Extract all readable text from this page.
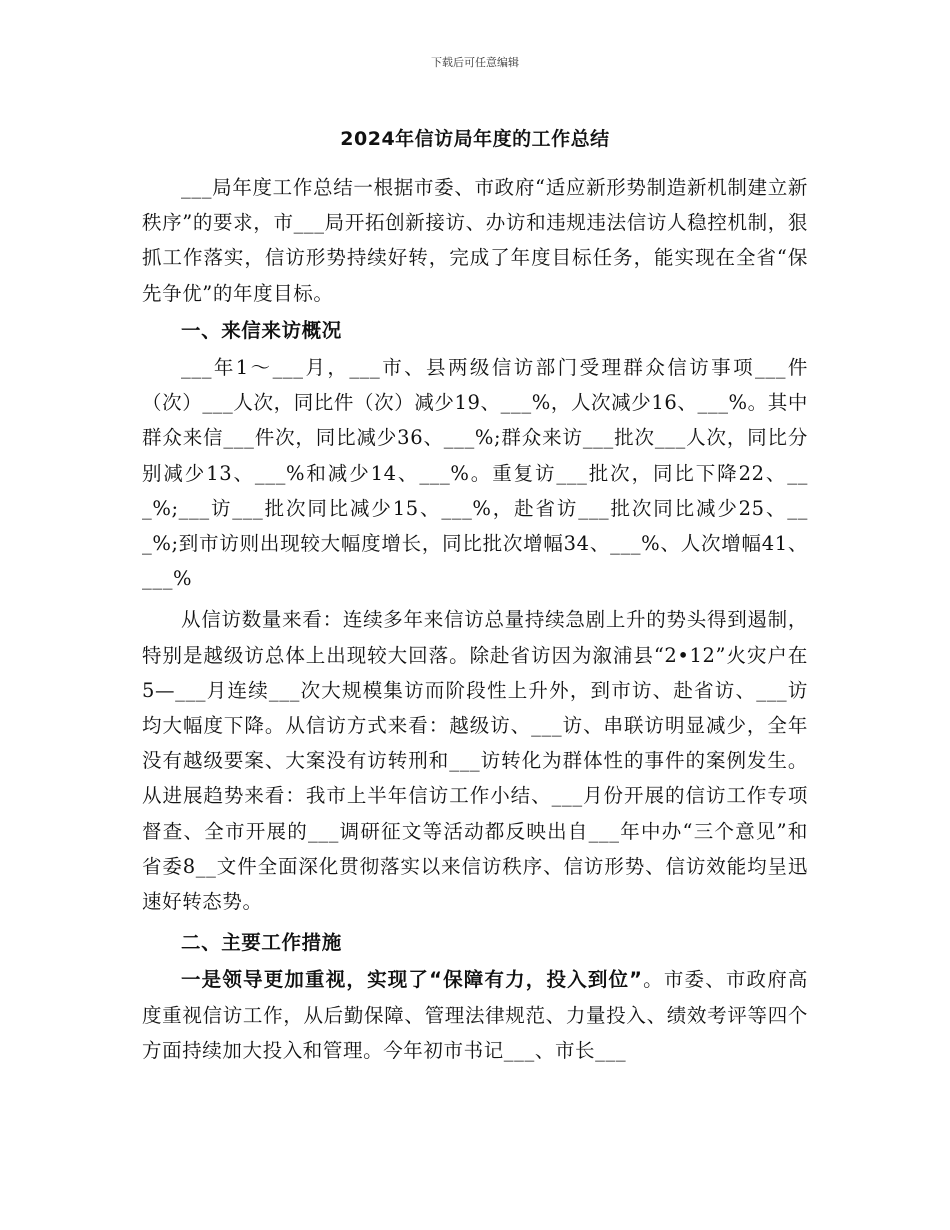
下载后可任意编辑
2024年信访局年度的工作总结

___局年度工作总结一根据市委、市政府“适应新形势制造新机制建立新秩序”的要求，市___局开拓创新接访、办访和违规违法信访人稳控机制，狠抓工作落实，信访形势持续好转，完成了年度目标任务，能实现在全省“保先争优”的年度目标。

一、来信来访概况

___年1～___月，___市、县两级信访部门受理群众信访事项___件（次）___人次，同比件（次）减少19、___%，人次减少16、___%。其中群众来信___件次，同比减少36、___%;群众来访___批次___人次，同比分别减少13、___%和减少14、___%。重复访___批次，同比下降22、___%;___访___批次同比减少15、___%，赴省访___批次同比减少25、___%;到市访则出现较大幅度增长，同比批次增幅34、___%、人次增幅41、___%

从信访数量来看：连续多年来信访总量持续急剧上升的势头得到遏制，特别是越级访总体上出现较大回落。除赴省访因为溆浦县“2•12”火灾户在5—___月连续___次大规模集访而阶段性上升外，到市访、赴省访、___访均大幅度下降。从信访方式来看：越级访、___访、串联访明显减少，全年没有越级要案、大案没有访转刑和___访转化为群体性的事件的案例发生。从进展趋势来看：我市上半年信访工作小结、___月份开展的信访工作专项督查、全市开展的___调研征文等活动都反映出自___年中办“三个意见”和省委8__文件全面深化贯彻落实以来信访秩序、信访形势、信访效能均呈迅速好转态势。

二、主要工作措施

一是领导更加重视，实现了“保障有力，投入到位”。市委、市政府高度重视信访工作，从后勤保障、管理法律规范、力量投入、绩效考评等四个方面持续加大投入和管理。今年初市书记___、市长___
